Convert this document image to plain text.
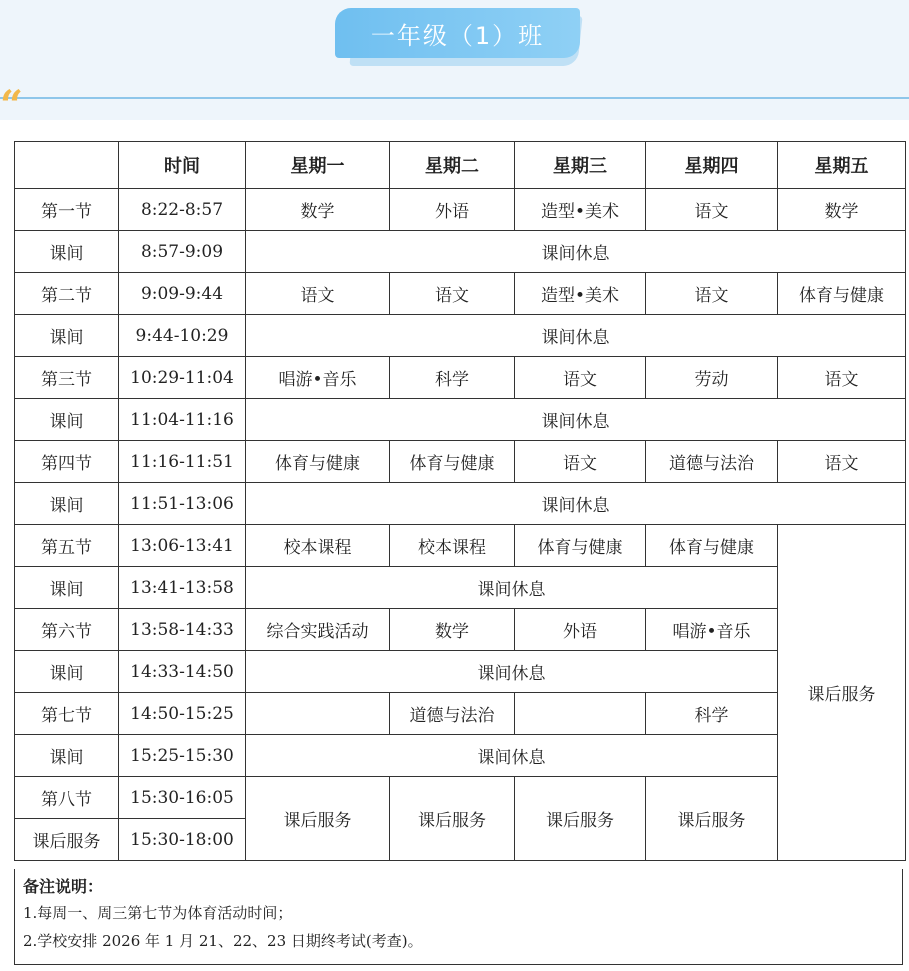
一年级（1）班
“
	时间	星期一	星期二	星期三	星期四	星期五
第一节	8:22-8:57	数学	外语	造型•美术	语文	数学
课间	8:57-9:09	课间休息				
第二节	9:09-9:44	语文	语文	造型•美术	语文	体育与健康
课间	9:44-10:29	课间休息				
第三节	10:29-11:04	唱游•音乐	科学	语文	劳动	语文
课间	11:04-11:16	课间休息				
第四节	11:16-11:51	体育与健康	体育与健康	语文	道德与法治	语文
课间	11:51-13:06	课间休息				
第五节	13:06-13:41	校本课程	校本课程	体育与健康	体育与健康	课后服务
课间	13:41-13:58	课间休息				
第六节	13:58-14:33	综合实践活动	数学	外语	唱游•音乐	
课间	14:33-14:50	课间休息				
第七节	14:50-15:25		道德与法治		科学	
课间	15:25-15:30	课间休息				
第八节	15:30-16:05	课后服务	课后服务	课后服务	课后服务	
课后服务	15:30-18:00					
备注说明：
1.每周一、周三第七节为体育活动时间；
2.学校安排 2026 年 1 月 21、22、23 日期终考试(考查)。
